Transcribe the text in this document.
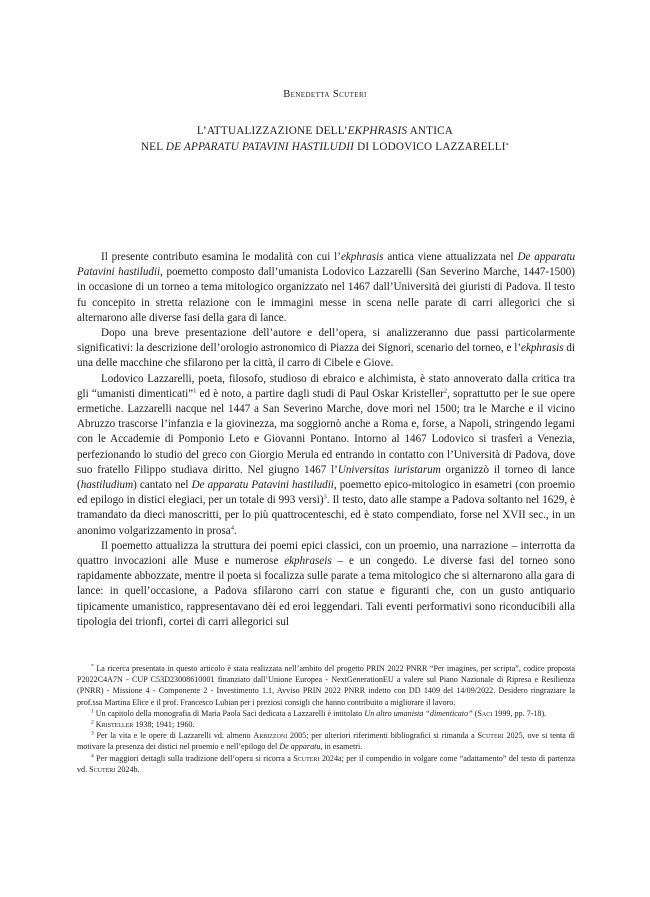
Benedetta Scuteri
L’ATTUALIZZAZIONE DELL’EKPHRASIS ANTICA
NEL DE APPARATU PATAVINI HASTILUDII DI LODOVICO LAZZARELLI*

Il presente contributo esamina le modalità con cui l’ekphrasis antica viene attualizzata nel De apparatu Patavini hastiludii, poemetto composto dall’umanista Lodovico Lazzarelli (San Severino Marche, 1447-1500) in occasione di un torneo a tema mitologico organizzato nel 1467 dall’Università dei giuristi di Padova. Il testo fu concepito in stretta relazione con le immagini messe in scena nelle parate di carri allegorici che si alternarono alle diverse fasi della gara di lance.

Dopo una breve presentazione dell’autore e dell’opera, si analizzeranno due passi particolarmente significativi: la descrizione dell’orologio astronomico di Piazza dei Signori, scenario del torneo, e l’ekphrasis di una delle macchine che sfilarono per la città, il carro di Cibele e Giove.

Lodovico Lazzarelli, poeta, filosofo, studioso di ebraico e alchimista, è stato annoverato dalla critica tra gli “umanisti dimenticati”$^1$ ed è noto, a partire dagli studi di Paul Oskar Kristeller$^2$, soprattutto per le sue opere ermetiche. Lazzarelli nacque nel 1447 a San Severino Marche, dove morì nel 1500; tra le Marche e il vicino Abruzzo trascorse l’infanzia e la giovinezza, ma soggiornò anche a Roma e, forse, a Napoli, stringendo legami con le Accademie di Pomponio Leto e Giovanni Pontano. Intorno al 1467 Lodovico si trasferì a Venezia, perfezionando lo studio del greco con Giorgio Merula ed entrando in contatto con l’Università di Padova, dove suo fratello Filippo studiava diritto. Nel giugno 1467 l’Universitas iuristarum organizzò il torneo di lance (hastiludium) cantato nel De apparatu Patavini hastiludii, poemetto epico-mitologico in esametri (con proemio ed epilogo in distici elegiaci, per un totale di 993 versi)$^3$. Il testo, dato alle stampe a Padova soltanto nel 1629, è tramandato da dieci manoscritti, per lo più quattrocenteschi, ed è stato compendiato, forse nel XVII sec., in un anonimo volgarizzamento in prosa$^4$.

Il poemetto attualizza la struttura dei poemi epici classici, con un proemio, una narrazione – interrotta da quattro invocazioni alle Muse e numerose ekphraseis – e un congedo. Le diverse fasi del torneo sono rapidamente abbozzate, mentre il poeta si focalizza sulle parate a tema mitologico che si alternarono alla gara di lance: in quell’occasione, a Padova sfilarono carri con statue e figuranti che, con un gusto antiquario tipicamente umanistico, rappresentavano dèi ed eroi leggendari. Tali eventi performativi sono riconducibili alla tipologia dei trionfi, cortei di carri allegorici sul

* La ricerca presentata in questo articolo è stata realizzata nell’ambito del progetto PRIN 2022 PNRR “Per imagines, per scripta”, codice proposta P2022C4A7N - CUP C53D23008610001 finanziato dall’Unione Europea - NextGenerationEU a valere sul Piano Nazionale di Ripresa e Resilienza (PNRR) - Missione 4 - Componente 2 - Investimento 1.1, Avviso PRIN 2022 PNRR indetto con DD 1409 del 14/09/2022. Desidero ringraziare la prof.ssa Martina Elice e il prof. Francesco Lubian per i preziosi consigli che hanno contribuito a migliorare il lavoro.

$^1$ Un capitolo della monografia di Maria Paola Saci dedicata a Lazzarelli è intitolato Un altro umanista “dimenticato” (Saci 1999, pp. 7-18).

$^2$ Kristeller 1938; 1941; 1960.

$^3$ Per la vita e le opere di Lazzarelli vd. almeno Arbizzoni 2005; per ulteriori riferimenti bibliografici si rimanda a Scuteri 2025, ove si tenta di motivare la presenza dei distici nel proemio e nell’epilogo del De apparatu, in esametri.

$^4$ Per maggiori dettagli sulla tradizione dell’opera si ricorra a Scuteri 2024a; per il compendio in volgare come “adattamento” del testo di partenza vd. Scuteri 2024b.
